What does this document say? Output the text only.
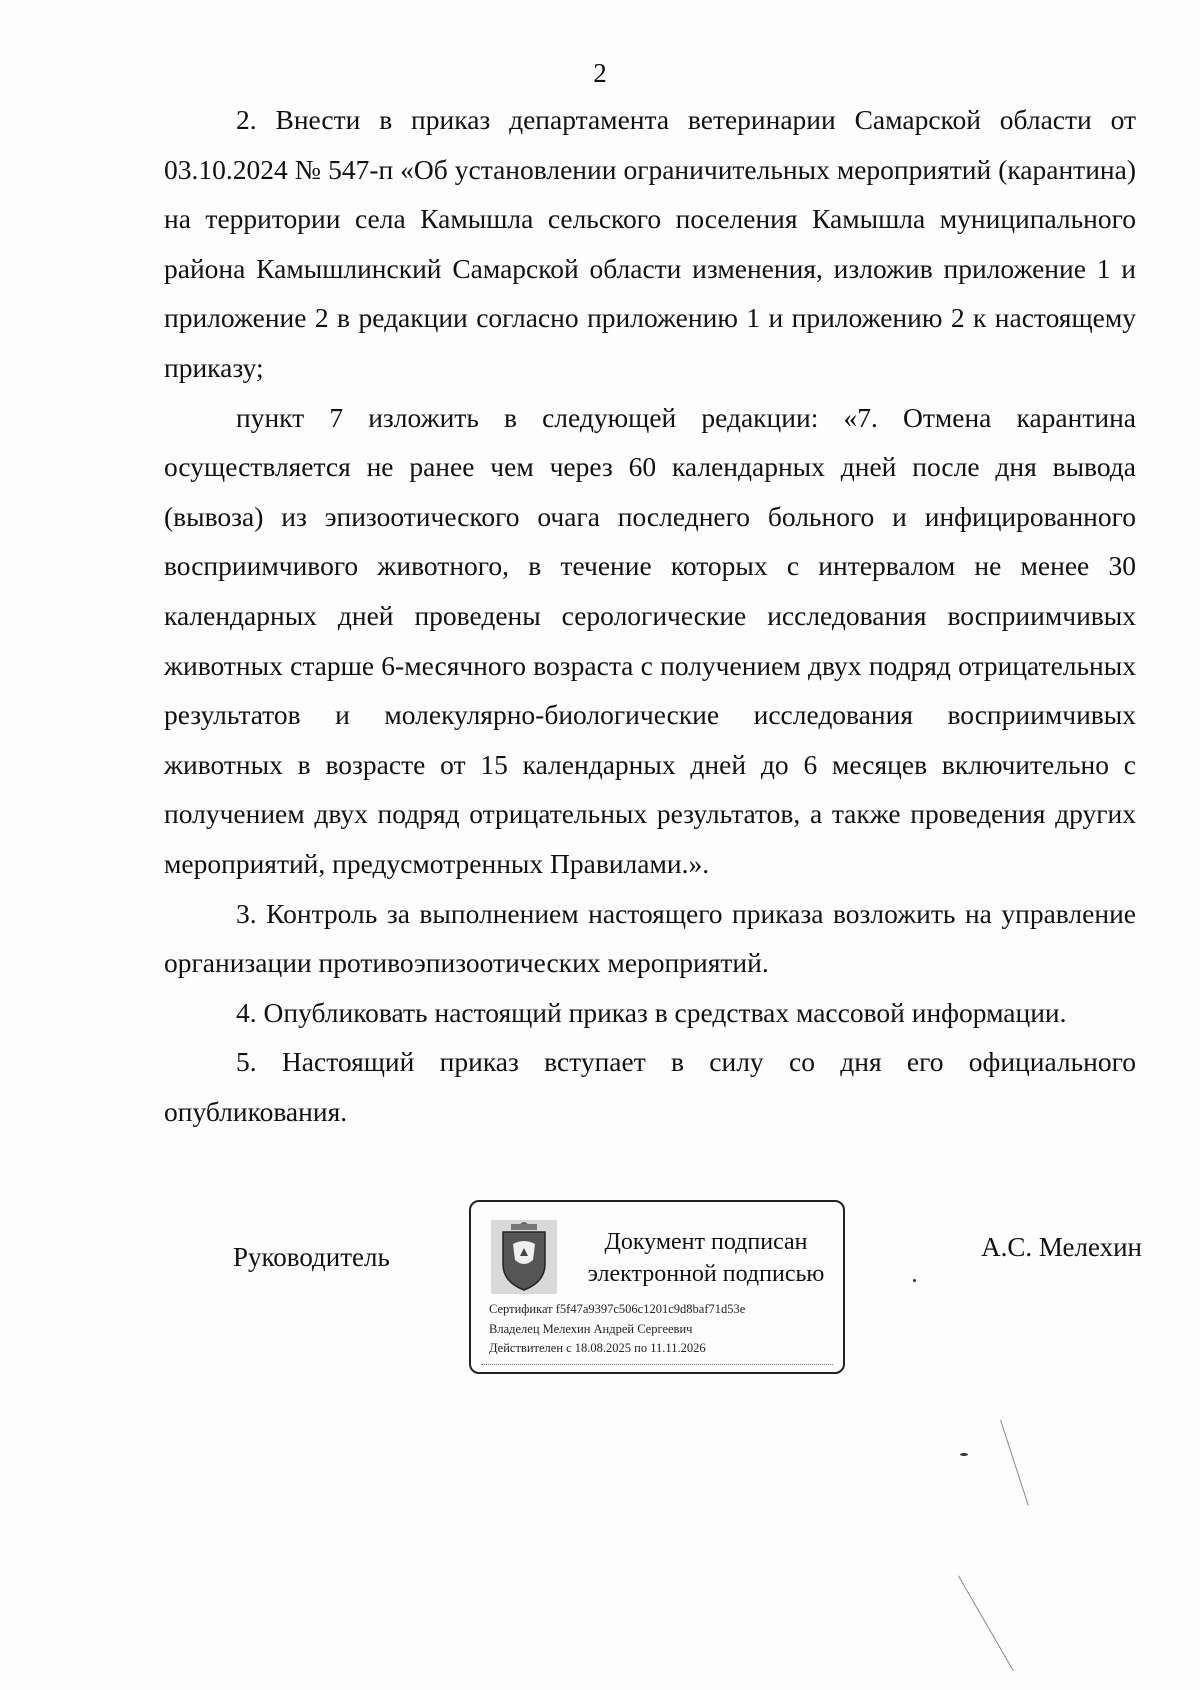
2

2. Внести в приказ департамента ветеринарии Самарской области от 03.10.2024 № 547-п «Об установлении ограничительных мероприятий (карантина) на территории села Камышла сельского поселения Камышла муниципального района Камышлинский Самарской области изменения, изложив приложение 1 и приложение 2 в редакции согласно приложению 1 и приложению 2 к настоящему приказу;

пункт 7 изложить в следующей редакции: «7. Отмена карантина осуществляется не ранее чем через 60 календарных дней после дня вывода (вывоза) из эпизоотического очага последнего больного и инфицированного восприимчивого животного, в течение которых с интервалом не менее 30 календарных дней проведены серологические исследования восприимчивых животных старше 6-месячного возраста с получением двух подряд отрицательных результатов и молекулярно-биологические исследования восприимчивых животных в возрасте от 15 календарных дней до 6 месяцев включительно с получением двух подряд отрицательных результатов, а также проведения других мероприятий, предусмотренных Правилами.».

3. Контроль за выполнением настоящего приказа возложить на управление организации противоэпизоотических мероприятий.

4. Опубликовать настоящий приказ в средствах массовой информации.

5. Настоящий приказ вступает в силу со дня его официального опубликования.

Руководитель	Документ подписан
электронной подписью
Сертификат f5f47a9397c506c1201c9d8baf71d53e
Владелец Мелехин Андрей Сергеевич
Действителен с 18.08.2025 по 11.11.2026
А.С. Мелехин
